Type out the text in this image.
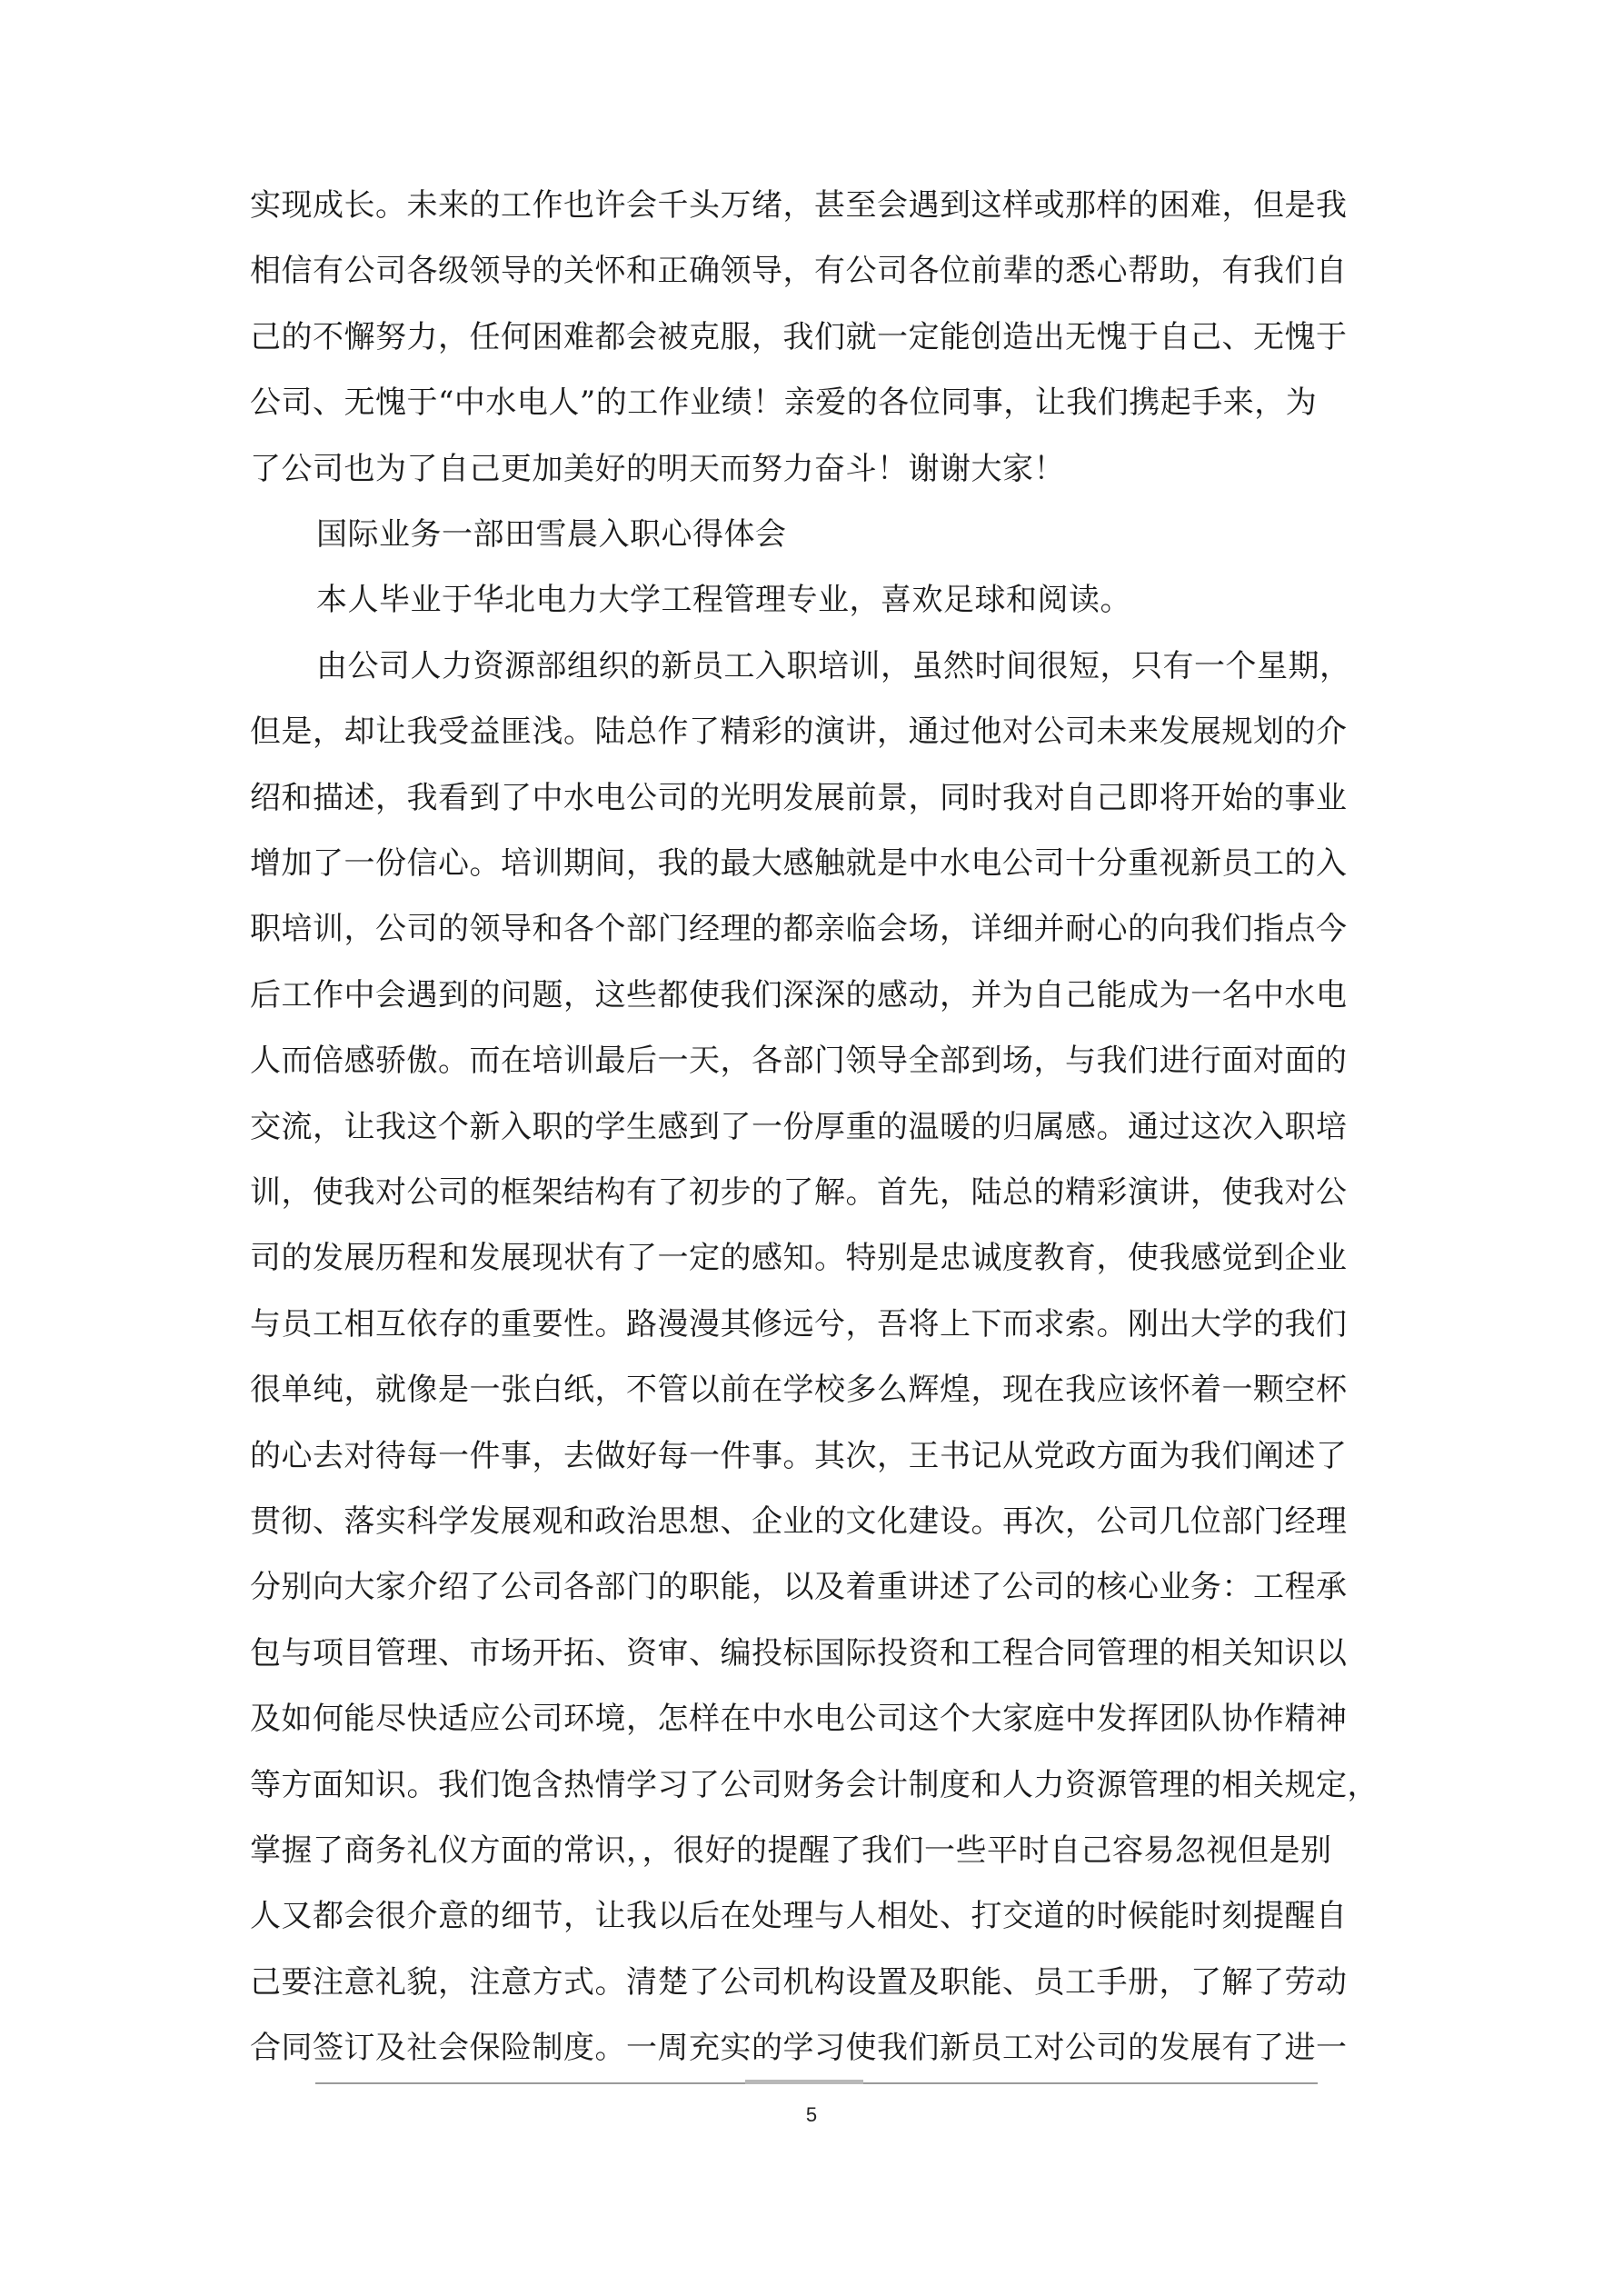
实现成长。未来的工作也许会千头万绪，甚至会遇到这样或那样的困难，但是我
相信有公司各级领导的关怀和正确领导，有公司各位前辈的悉心帮助，有我们自
己的不懈努力，任何困难都会被克服，我们就一定能创造出无愧于自己、无愧于
公司、无愧于“中水电人”的工作业绩！亲爱的各位同事，让我们携起手来，为
了公司也为了自己更加美好的明天而努力奋斗！谢谢大家！
国际业务一部田雪晨入职心得体会
本人毕业于华北电力大学工程管理专业，喜欢足球和阅读。
由公司人力资源部组织的新员工入职培训，虽然时间很短，只有一个星期，
但是，却让我受益匪浅。陆总作了精彩的演讲，通过他对公司未来发展规划的介
绍和描述，我看到了中水电公司的光明发展前景，同时我对自己即将开始的事业
增加了一份信心。培训期间，我的最大感触就是中水电公司十分重视新员工的入
职培训，公司的领导和各个部门经理的都亲临会场，详细并耐心的向我们指点今
后工作中会遇到的问题，这些都使我们深深的感动，并为自己能成为一名中水电
人而倍感骄傲。而在培训最后一天，各部门领导全部到场，与我们进行面对面的
交流，让我这个新入职的学生感到了一份厚重的温暖的归属感。通过这次入职培
训，使我对公司的框架结构有了初步的了解。首先，陆总的精彩演讲，使我对公
司的发展历程和发展现状有了一定的感知。特别是忠诚度教育，使我感觉到企业
与员工相互依存的重要性。路漫漫其修远兮，吾将上下而求索。刚出大学的我们
很单纯，就像是一张白纸，不管以前在学校多么辉煌，现在我应该怀着一颗空杯
的心去对待每一件事，去做好每一件事。其次，王书记从党政方面为我们阐述了
贯彻、落实科学发展观和政治思想、企业的文化建设。再次，公司几位部门经理
分别向大家介绍了公司各部门的职能，以及着重讲述了公司的核心业务：工程承
包与项目管理、市场开拓、资审、编投标国际投资和工程合同管理的相关知识以
及如何能尽快适应公司环境，怎样在中水电公司这个大家庭中发挥团队协作精神
等方面知识。我们饱含热情学习了公司财务会计制度和人力资源管理的相关规定，
掌握了商务礼仪方面的常识，，很好的提醒了我们一些平时自己容易忽视但是别
人又都会很介意的细节，让我以后在处理与人相处、打交道的时候能时刻提醒自
己要注意礼貌，注意方式。清楚了公司机构设置及职能、员工手册，了解了劳动
合同签订及社会保险制度。一周充实的学习使我们新员工对公司的发展有了进一
5
